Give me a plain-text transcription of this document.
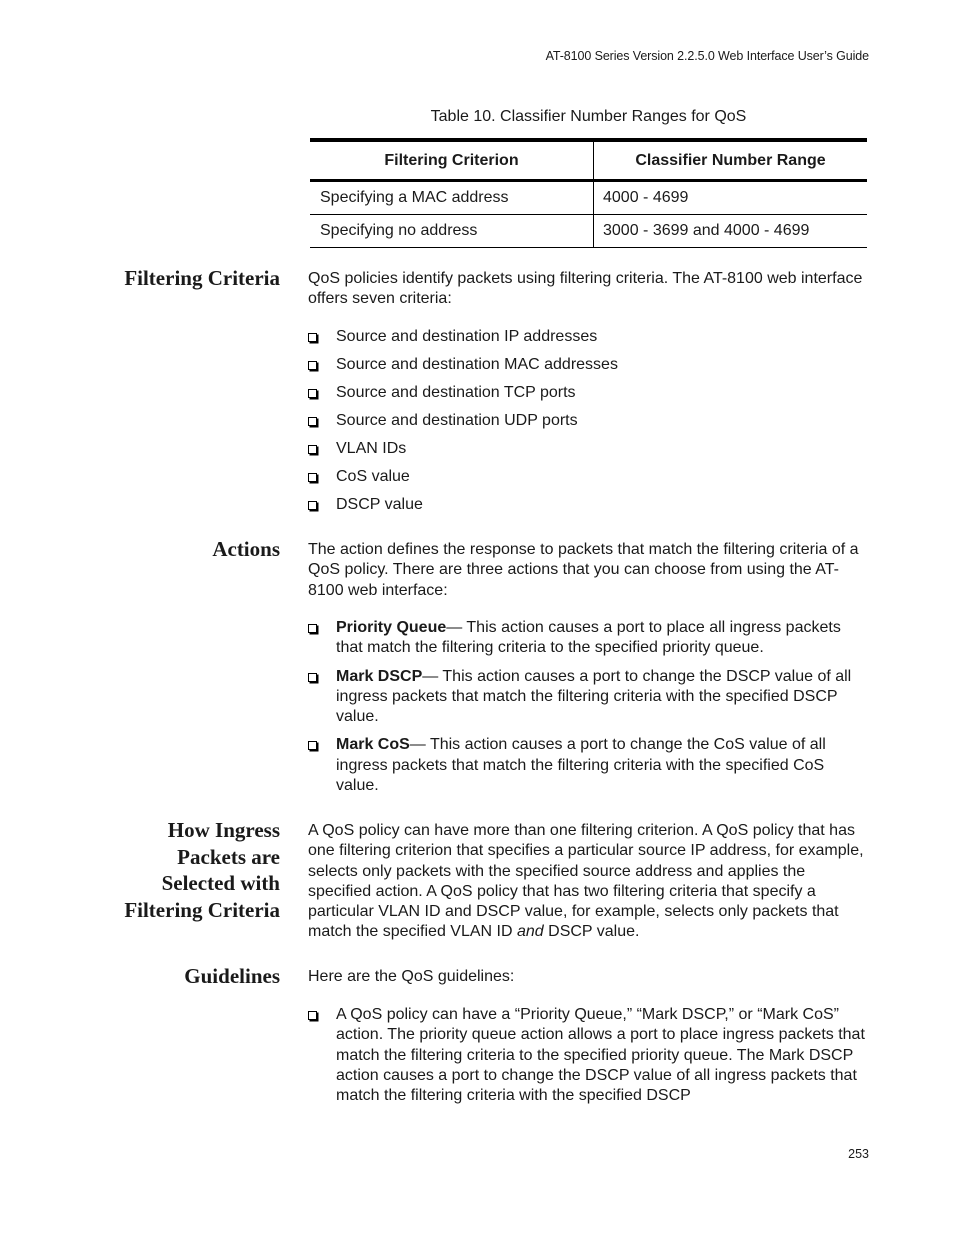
AT-8100 Series Version 2.2.5.0 Web Interface User’s Guide
Table 10. Classifier Number Ranges for QoS
Filtering Criterion	Classifier Number Range
Specifying a MAC address	4000 - 4699
Specifying no address	3000 - 3699 and 4000 - 4699
Filtering Criteria QoS policies identify packets using filtering criteria. The AT-8100 web interface offers seven criteria:

Source and destination IP addresses
Source and destination MAC addresses
Source and destination TCP ports
Source and destination UDP ports
VLAN IDs
CoS value
DSCP value
Actions The action defines the response to packets that match the filtering criteria of a QoS policy. There are three actions that you can choose from using the AT-8100 web interface:

Priority Queue— This action causes a port to place all ingress packets that match the filtering criteria to the specified priority queue.
Mark DSCP— This action causes a port to change the DSCP value of all ingress packets that match the filtering criteria with the specified DSCP value.
Mark CoS— This action causes a port to change the CoS value of all ingress packets that match the filtering criteria with the specified CoS value.
How Ingress
Packets are
Selected with
Filtering Criteria

A QoS policy can have more than one filtering criterion. A QoS policy that has one filtering criterion that specifies a particular source IP address, for example, selects only packets with the specified source address and applies the specified action. A QoS policy that has two filtering criteria that specify a particular VLAN ID and DSCP value, for example, selects only packets that match the specified VLAN ID and DSCP value.

Guidelines Here are the QoS guidelines:

A QoS policy can have a “Priority Queue,” “Mark DSCP,” or “Mark CoS” action. The priority queue action allows a port to place ingress packets that match the filtering criteria to the specified priority queue. The Mark DSCP action causes a port to change the DSCP value of all ingress packets that match the filtering criteria with the specified DSCP
253
